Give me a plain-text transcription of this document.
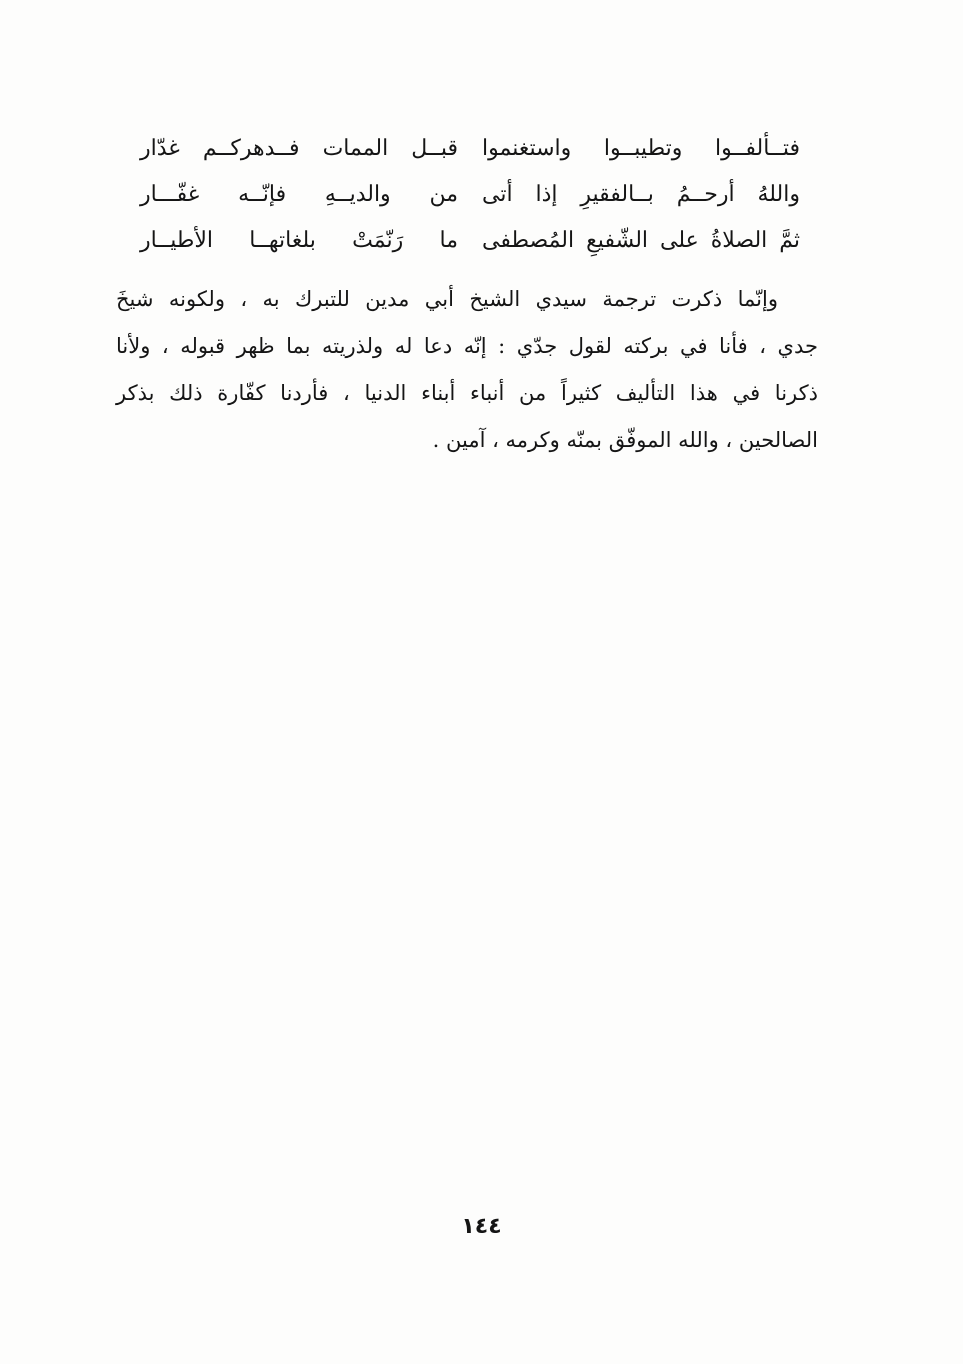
فتــألفــوا وتطيبــوا واستغنموا
قبــل الممات فــدهركــم غدّار
واللهُ أرحــمُ بــالفقيرِ إذا أتى
من والديــهِ فإنّــه غفّـــار
ثمَّ الصلاةُ على الشّفيعِ المُصطفى
ما رَنّمَتْ بلغاتهــا الأطيــار
وإنّما ذكرت ترجمة سيدي الشيخ أبي مدين للتبرك به ، ولكونه شيخَ
جدي ، فأنا في بركته لقول جدّي : إنّه دعا له ولذريته بما ظهر قبوله ، ولأنا
ذكرنا في هذا التأليف كثيراً من أنباء أبناء الدنيا ، فأردنا كفّارة ذلك بذكر
الصالحين ، والله الموفّق بمنّه وكرمه ، آمين .
١٤٤
